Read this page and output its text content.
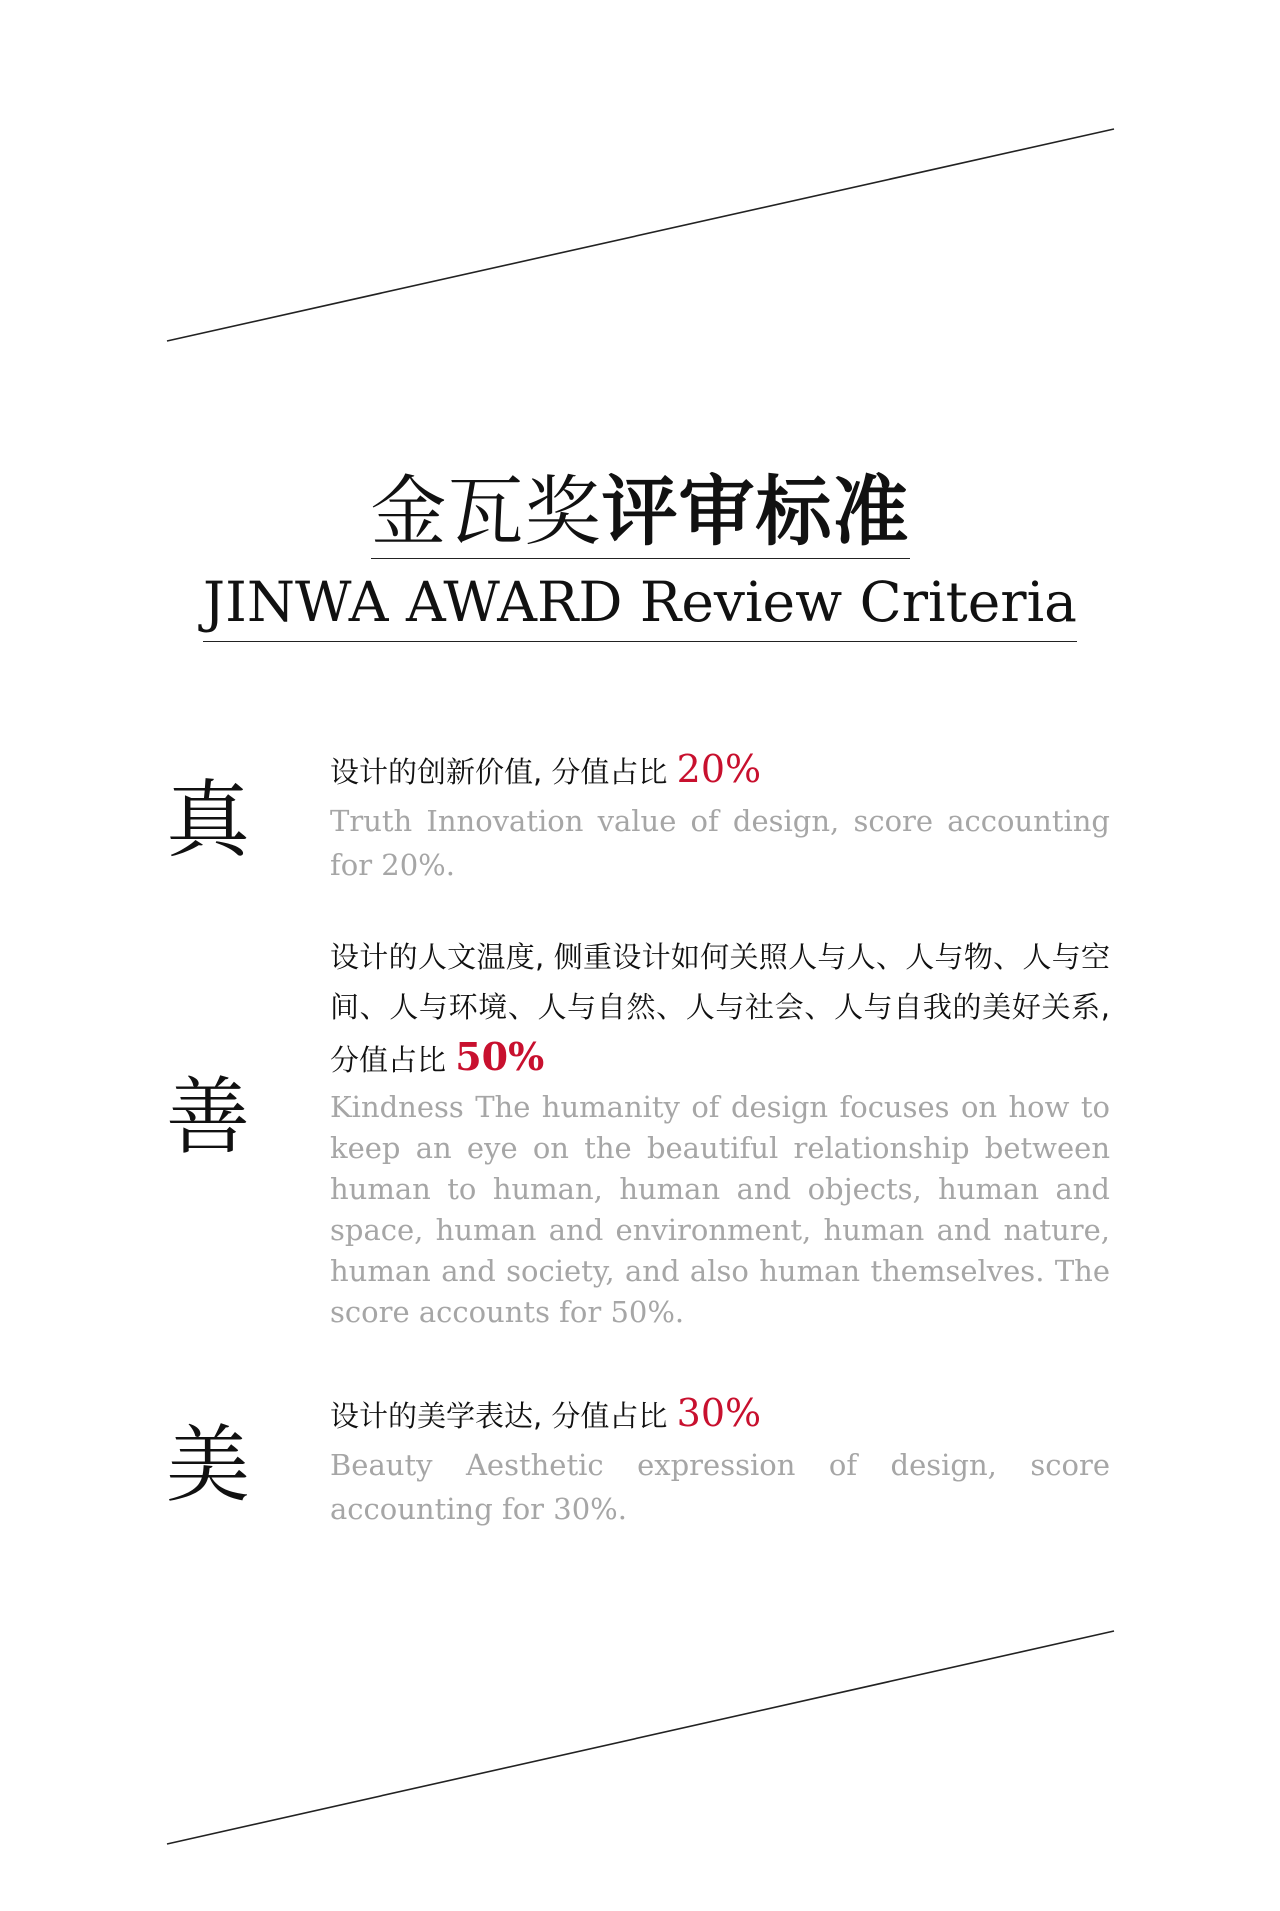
金瓦奖评审标准
JINWA AWARD Review Criteria
真	设计的创新价值, 分值占比 20%
Truth Innovation value of design, score accounting for 20%.
善
设计的人文温度, 侧重设计如何关照人与人、人与物、人与空间、人与环境、人与自然、人与社会、人与自我的美好关系, 分值占比 50%
Kindness The humanity of design focuses on how to keep an eye on the beautiful relationship between human to human, human and objects, human and space, human and environment, human and nature, human and society, and also human themselves. The score accounts for 50%.
美	设计的美学表达, 分值占比 30%
Beauty Aesthetic expression of design, score accounting for 30%.
